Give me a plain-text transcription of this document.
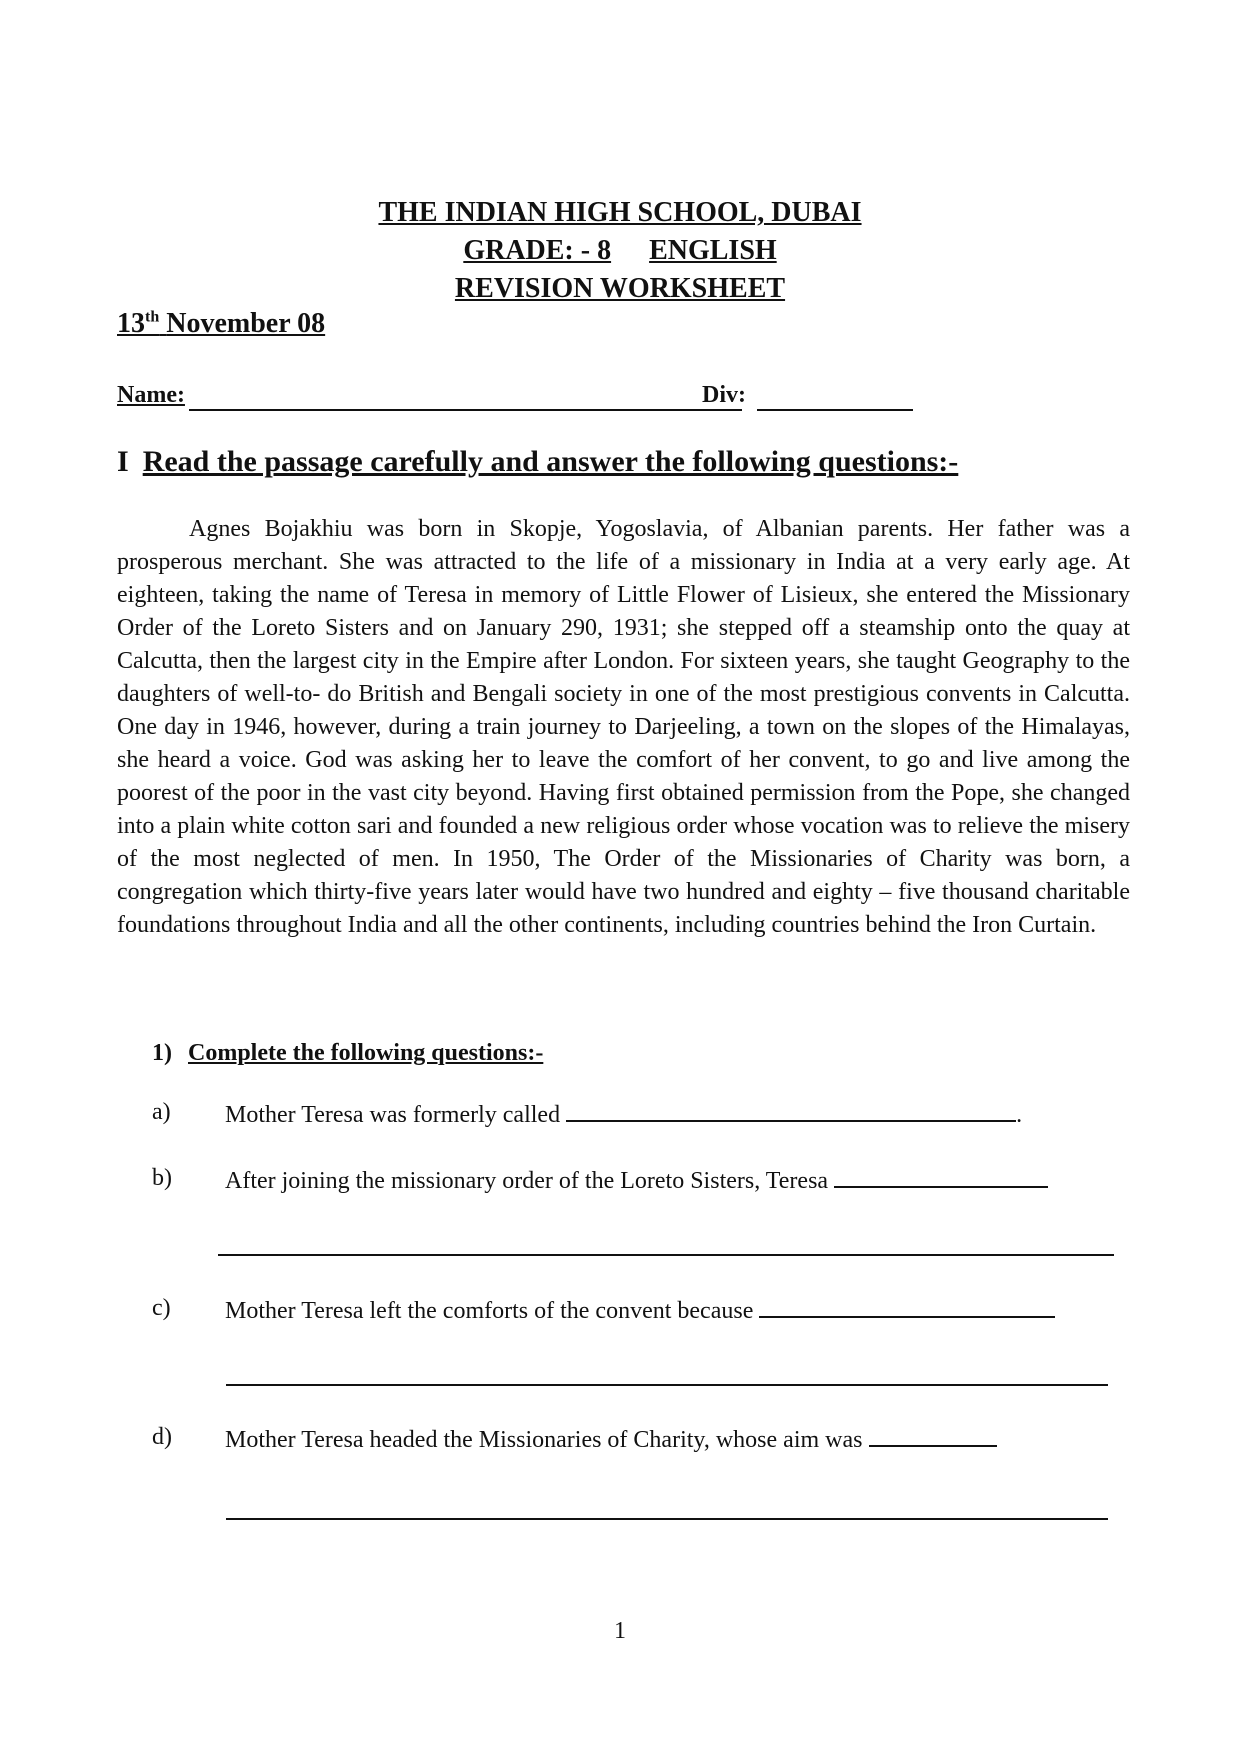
THE INDIAN HIGH SCHOOL, DUBAI
GRADE: - 8 ENGLISH
REVISION WORKSHEET
13th November 08
Name:	Div:
I Read the passage carefully and answer the following questions:-

Agnes Bojakhiu was born in Skopje, Yogoslavia, of Albanian parents. Her father was a prosperous merchant. She was attracted to the life of a missionary in India at a very early age. At eighteen, taking the name of Teresa in memory of Little Flower of Lisieux, she entered the Missionary Order of the Loreto Sisters and on January 290, 1931; she stepped off a steamship onto the quay at Calcutta, then the largest city in the Empire after London. For sixteen years, she taught Geography to the daughters of well-to- do British and Bengali society in one of the most prestigious convents in Calcutta. One day in 1946, however, during a train journey to Darjeeling, a town on the slopes of the Himalayas, she heard a voice. God was asking her to leave the comfort of her convent, to go and live among the poorest of the poor in the vast city beyond. Having first obtained permission from the Pope, she changed into a plain white cotton sari and founded a new religious order whose vocation was to relieve the misery of the most neglected of men. In 1950, The Order of the Missionaries of Charity was born, a congregation which thirty-five years later would have two hundred and eighty – five thousand charitable foundations throughout India and all the other continents, including countries behind the Iron Curtain.

1) Complete the following questions:-
a) Mother Teresa was formerly called	.
b) After joining the missionary order of the Loreto Sisters, Teresa
c) Mother Teresa left the comforts of the convent because
d) Mother Teresa headed the Missionaries of Charity, whose aim was
1
